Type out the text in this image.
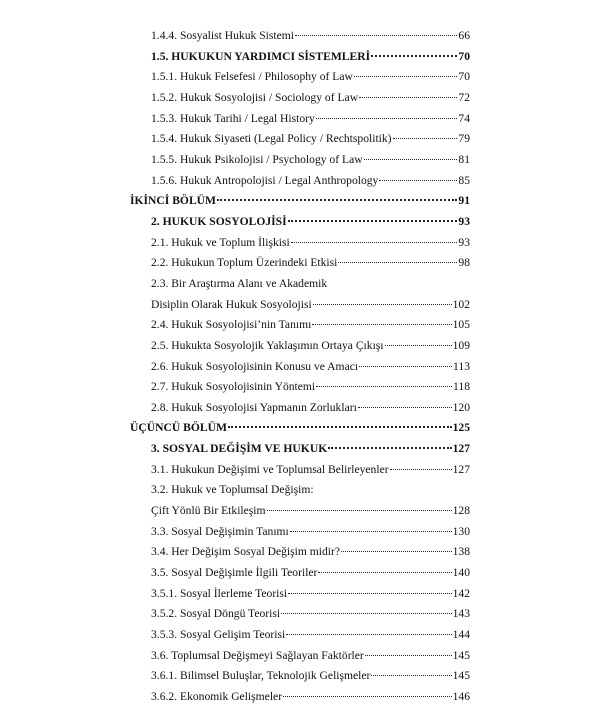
1.4.4. Sosyalist Hukuk Sistemi	66
1.5. HUKUKUN YARDIMCI SİSTEMLERİ	70
1.5.1. Hukuk Felsefesi / Philosophy of Law	70
1.5.2. Hukuk Sosyolojisi / Sociology of Law	72
1.5.3. Hukuk Tarihi / Legal History	74
1.5.4. Hukuk Siyaseti (Legal Policy / Rechtspolitik)	79
1.5.5. Hukuk Psikolojisi / Psychology of Law	81
1.5.6. Hukuk Antropolojisi / Legal Anthropology	85
İKİNCİ BÖLÜM	91
2. HUKUK SOSYOLOJİSİ	93
2.1. Hukuk ve Toplum İlişkisi	93
2.2. Hukukun Toplum Üzerindeki Etkisi	98
2.3. Bir Araştırma Alanı ve Akademik
Disiplin Olarak Hukuk Sosyolojisi	102
2.4. Hukuk Sosyolojisi’nin Tanımı	105
2.5. Hukukta Sosyolojik Yaklaşımın Ortaya Çıkışı	109
2.6. Hukuk Sosyolojisinin Konusu ve Amacı	113
2.7. Hukuk Sosyolojisinin Yöntemi	118
2.8. Hukuk Sosyolojisi Yapmanın Zorlukları	120
ÜÇÜNCÜ BÖLÜM	125
3. SOSYAL DEĞİŞİM VE HUKUK	127
3.1. Hukukun Değişimi ve Toplumsal Belirleyenler	127
3.2. Hukuk ve Toplumsal Değişim:
Çift Yönlü Bir Etkileşim	128
3.3. Sosyal Değişimin Tanımı	130
3.4. Her Değişim Sosyal Değişim midir?	138
3.5. Sosyal Değişimle İlgili Teoriler	140
3.5.1. Sosyal İlerleme Teorisi	142
3.5.2. Sosyal Döngü Teorisi	143
3.5.3. Sosyal Gelişim Teorisi	144
3.6. Toplumsal Değişmeyi Sağlayan Faktörler	145
3.6.1. Bilimsel Buluşlar, Teknolojik Gelişmeler	145
3.6.2. Ekonomik Gelişmeler	146
